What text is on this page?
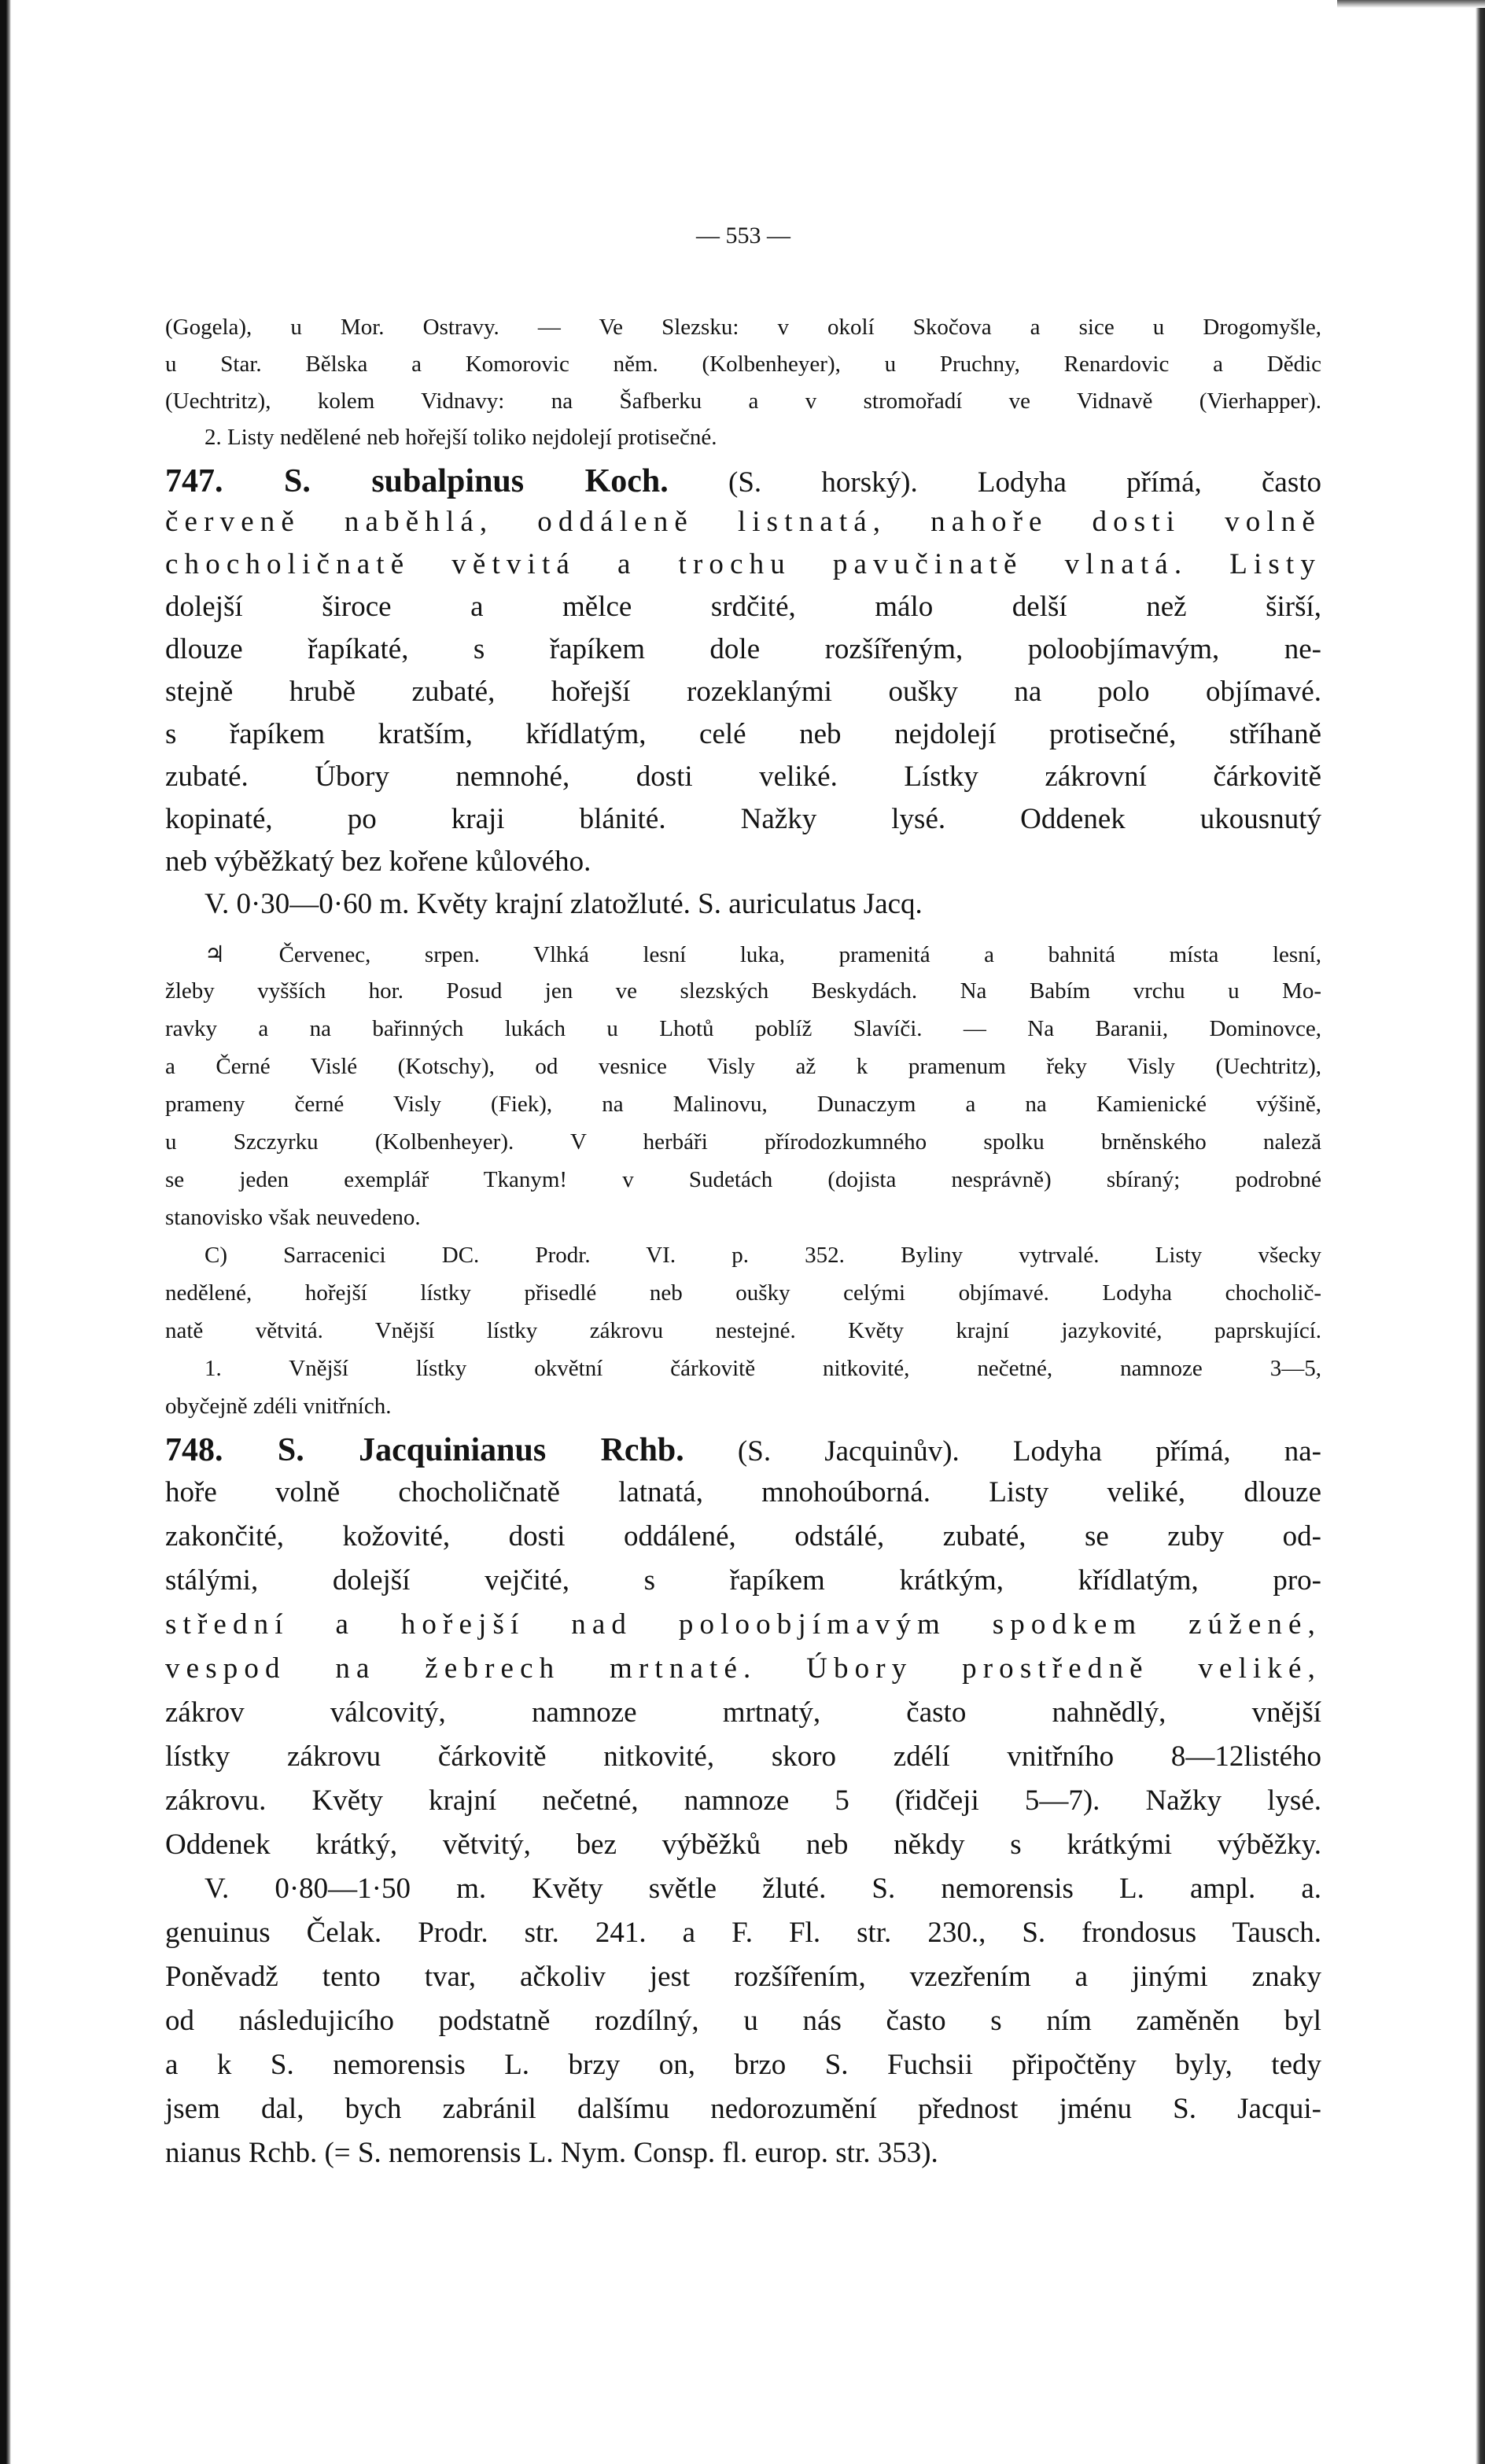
— 553 —
(Gogela), u Mor. Ostravy. — Ve Slezsku: v okolí Skočova a sice u Drogomyšle,
u Star. Bělska a Komorovic něm. (Kolbenheyer), u Pruchny, Renardovic a Dědic
(Uechtritz), kolem Vidnavy: na Šafberku a v stromořadí ve Vidnavě (Vierhapper).
2. Listy nedělené neb hořejší toliko nejdolejí protisečné.
747. S. subalpinus Koch. (S. horský). Lodyha přímá, často
červeně naběhlá, oddáleně listnatá, nahoře dosti volně
chocholičnatě větvitá a trochu pavučinatě vlnatá. Listy
dolejší široce a mělce srdčité, málo delší než širší,
dlouze řapíkaté, s řapíkem dole rozšířeným, poloobjímavým, ne-
stejně hrubě zubaté, hořejší rozeklanými oušky na polo objímavé.
s řapíkem kratším, křídlatým, celé neb nejdolejí protisečné, stříhaně
zubaté. Úbory nemnohé, dosti veliké. Lístky zákrovní čárkovitě
kopinaté, po kraji blánité. Nažky lysé. Oddenek ukousnutý
neb výběžkatý bez kořene kůlového.
V. 0·30—0·60 m. Květy krajní zlatožluté. S. auriculatus Jacq.
♃ Červenec, srpen. Vlhká lesní luka, pramenitá a bahnitá místa lesní,
žleby vyšších hor. Posud jen ve slezských Beskydách. Na Babím vrchu u Mo-
ravky a na bařinných lukách u Lhotů poblíž Slavíči. — Na Baranii, Dominovce,
a Černé Vislé (Kotschy), od vesnice Visly až k pramenum řeky Visly (Uechtritz),
prameny černé Visly (Fiek), na Malinovu, Dunaczym a na Kamienické výšině,
u Szczyrku (Kolbenheyer). V herbáři přírodozkumného spolku brněnského naleză
se jeden exemplář Tkanym! v Sudetách (dojista nesprávně) sbíraný; podrobné
stanovisko však neuvedeno.
C) Sarracenici DC. Prodr. VI. p. 352. Byliny vytrvalé. Listy všecky
nedělené, hořejší lístky přisedlé neb oušky celými objímavé. Lodyha chocholič-
natě větvitá. Vnější lístky zákrovu nestejné. Květy krajní jazykovité, paprskující.
1. Vnější lístky okvětní čárkovitě nitkovité, nečetné, namnoze 3—5,
obyčejně zdéli vnitřních.
748. S. Jacquinianus Rchb. (S. Jacquinův). Lodyha přímá, na-
hoře volně chocholičnatě latnatá, mnohoúborná. Listy veliké, dlouze
zakončité, kožovité, dosti oddálené, odstálé, zubaté, se zuby od-
stálými, dolejší vejčité, s řapíkem krátkým, křídlatým, pro-
střední a hořejší nad poloobjímavým spodkem zúžené,
vespod na žebrech mrtnaté. Úbory prostředně veliké,
zákrov válcovitý, namnoze mrtnatý, často nahnědlý, vnější
lístky zákrovu čárkovitě nitkovité, skoro zdélí vnitřního 8—12listého
zákrovu. Květy krajní nečetné, namnoze 5 (řidčeji 5—7). Nažky lysé.
Oddenek krátký, větvitý, bez výběžků neb někdy s krátkými výběžky.
V. 0·80—1·50 m. Květy světle žluté. S. nemorensis L. ampl. a.
genuinus Čelak. Prodr. str. 241. a F. Fl. str. 230., S. frondosus Tausch.
Poněvadž tento tvar, ačkoliv jest rozšířením, vzezřením a jinými znaky
od následujicího podstatně rozdílný, u nás často s ním zaměněn byl
a k S. nemorensis L. brzy on, brzo S. Fuchsii připočtěny byly, tedy
jsem dal, bych zabránil dalšímu nedorozumění přednost jménu S. Jacqui-
nianus Rchb. (= S. nemorensis L. Nym. Consp. fl. europ. str. 353).
